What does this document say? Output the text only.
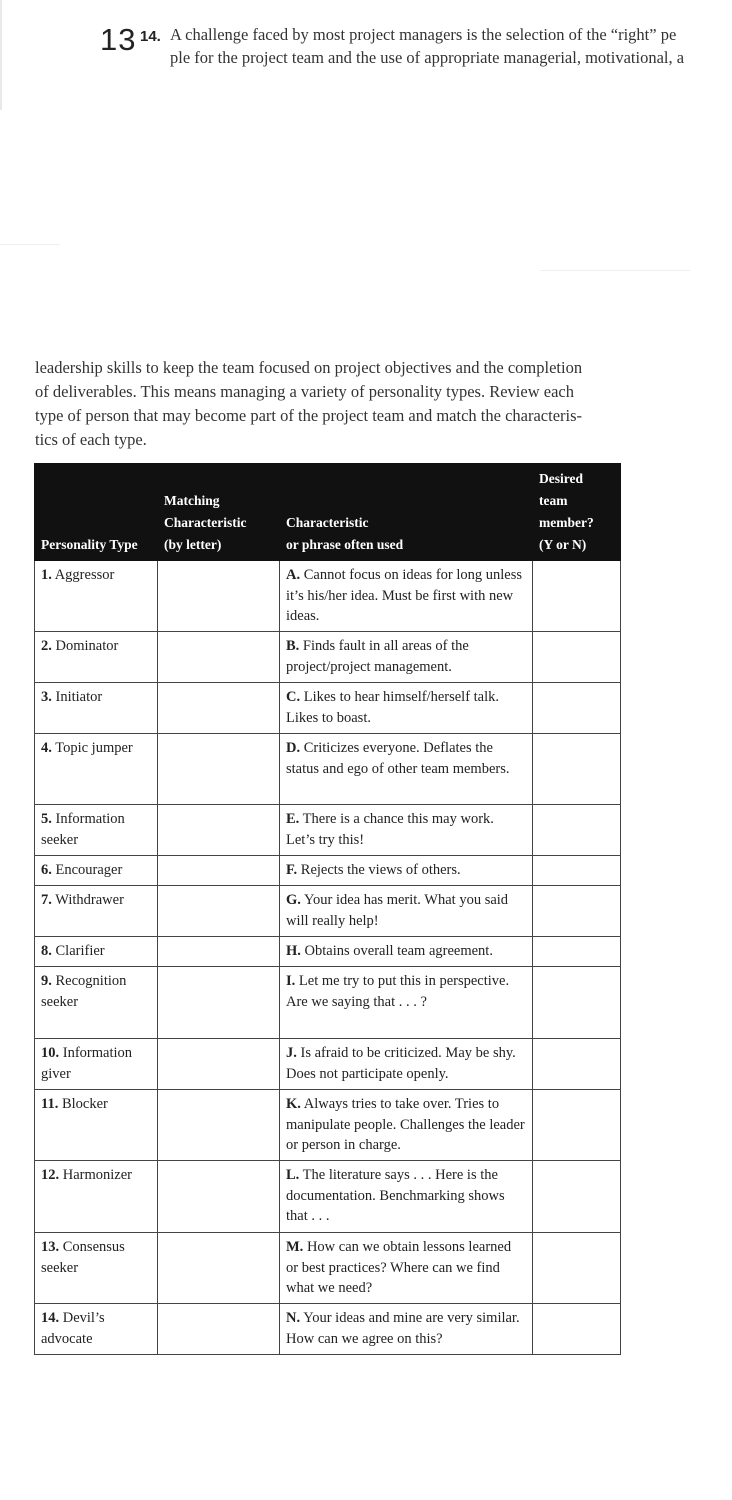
13 14. A challenge faced by most project managers is the selection of the “right” pe
ple for the project team and the use of appropriate managerial, motivational, a
leadership skills to keep the team focused on project objectives and the completion
of deliverables. This means managing a variety of personality types. Review each
type of person that may become part of the project team and match the characteris-
tics of each type.
Personality Type	Matching
Characteristic
(by letter)	Characteristic
or phrase often used	Desired
team
member?
(Y or N)
1. Aggressor		A. Cannot focus on ideas for long unless it’s his/her idea. Must be first with new ideas.	
2. Dominator		B. Finds fault in all areas of the project/project management.	
3. Initiator		C. Likes to hear himself/herself talk. Likes to boast.	
4. Topic jumper		D. Criticizes everyone. Deflates the status and ego of other team members.	
5. Information seeker		E. There is a chance this may work. Let’s try this!	
6. Encourager		F. Rejects the views of others.	
7. Withdrawer		G. Your idea has merit. What you said will really help!	
8. Clarifier		H. Obtains overall team agreement.	
9. Recognition seeker		I. Let me try to put this in perspective. Are we saying that . . . ?	
10. Information giver		J. Is afraid to be criticized. May be shy. Does not participate openly.	
11. Blocker		K. Always tries to take over. Tries to manipulate people. Challenges the leader or person in charge.	
12. Harmonizer		L. The literature says . . . Here is the documentation. Benchmarking shows that . . .	
13. Consensus seeker		M. How can we obtain lessons learned or best practices? Where can we find what we need?	
14. Devil’s advocate		N. Your ideas and mine are very similar. How can we agree on this?	
